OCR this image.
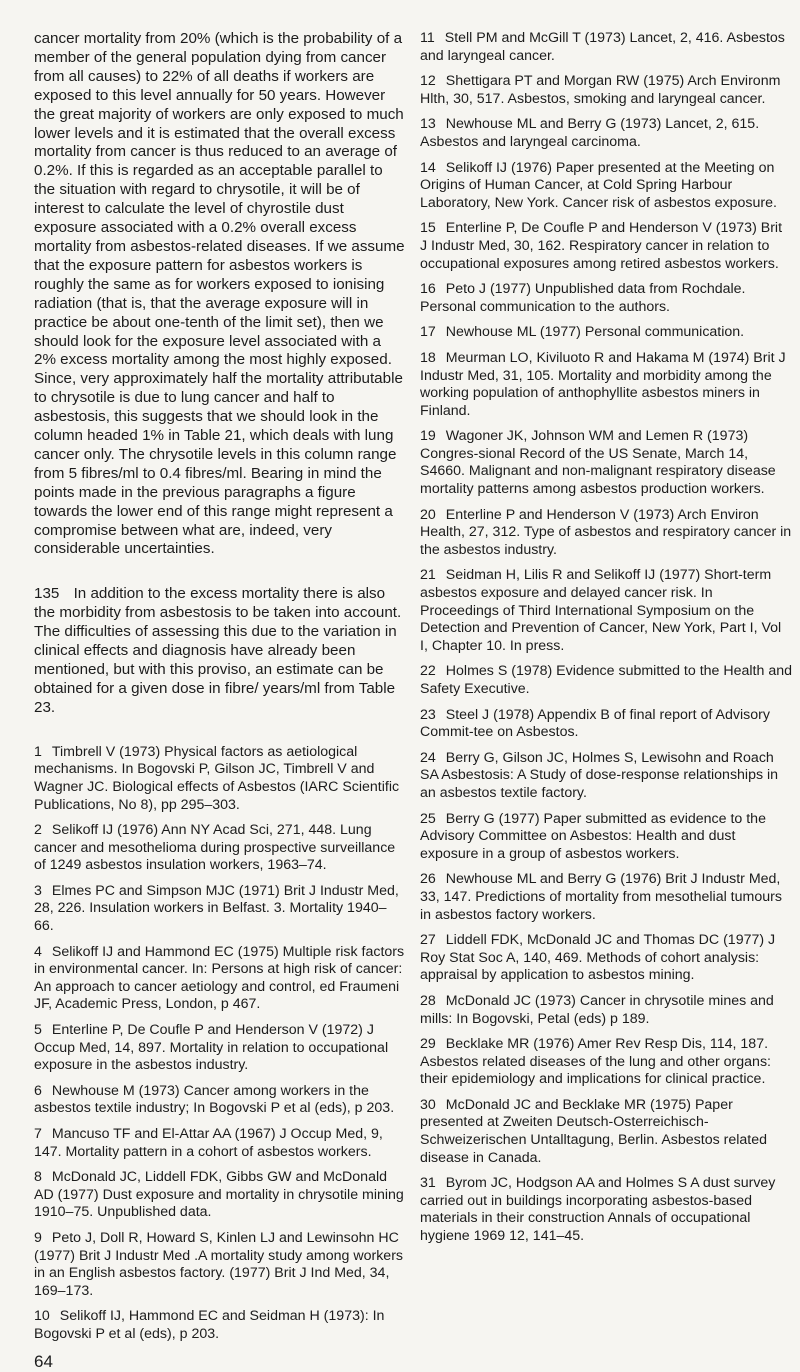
cancer mortality from 20% (which is the probability of a member of the general population dying from cancer from all causes) to 22% of all deaths if workers are exposed to this level annually for 50 years. However the great majority of workers are only exposed to much lower levels and it is estimated that the overall excess mortality from cancer is thus reduced to an average of 0.2%. If this is regarded as an acceptable parallel to the situation with regard to chrysotile, it will be of interest to calculate the level of chyrostile dust exposure associated with a 0.2% overall excess mortality from asbestos-related diseases. If we assume that the exposure pattern for asbestos workers is roughly the same as for workers exposed to ionising radiation (that is, that the average exposure will in practice be about one-tenth of the limit set), then we should look for the exposure level associated with a 2% excess mortality among the most highly exposed. Since, very approximately half the mortality attributable to chrysotile is due to lung cancer and half to asbestosis, this suggests that we should look in the column headed 1% in Table 21, which deals with lung cancer only. The chrysotile levels in this column range from 5 fibres/ml to 0.4 fibres/ml. Bearing in mind the points made in the previous paragraphs a figure towards the lower end of this range might represent a compromise between what are, indeed, very considerable uncertainties.

135 In addition to the excess mortality there is also the morbidity from asbestosis to be taken into account. The difficulties of assessing this due to the variation in clinical effects and diagnosis have already been mentioned, but with this proviso, an estimate can be obtained for a given dose in fibre/ years/ml from Table 23.

1 Timbrell V (1973) Physical factors as aetiological mechanisms. In Bogovski P, Gilson JC, Timbrell V and Wagner JC. Biological effects of Asbestos (IARC Scientific Publications, No 8), pp 295–303.

2 Selikoff IJ (1976) Ann NY Acad Sci, 271, 448. Lung cancer and mesothelioma during prospective surveillance of 1249 asbestos insulation workers, 1963–74.

3 Elmes PC and Simpson MJC (1971) Brit J Industr Med, 28, 226. Insulation workers in Belfast. 3. Mortality 1940–66.

4 Selikoff IJ and Hammond EC (1975) Multiple risk factors in environmental cancer. In: Persons at high risk of cancer: An approach to cancer aetiology and control, ed Fraumeni JF, Academic Press, London, p 467.

5 Enterline P, De Coufle P and Henderson V (1972) J Occup Med, 14, 897. Mortality in relation to occupational exposure in the asbestos industry.

6 Newhouse M (1973) Cancer among workers in the asbestos textile industry; In Bogovski P et al (eds), p 203.

7 Mancuso TF and El-Attar AA (1967) J Occup Med, 9, 147. Mortality pattern in a cohort of asbestos workers.

8 McDonald JC, Liddell FDK, Gibbs GW and McDonald AD (1977) Dust exposure and mortality in chrysotile mining 1910–75. Unpublished data.

9 Peto J, Doll R, Howard S, Kinlen LJ and Lewinsohn HC (1977) Brit J Industr Med .A mortality study among workers in an English asbestos factory. (1977) Brit J Ind Med, 34, 169–173.

10 Selikoff IJ, Hammond EC and Seidman H (1973): In Bogovski P et al (eds), p 203.

64

11 Stell PM and McGill T (1973) Lancet, 2, 416. Asbestos and laryngeal cancer.

12 Shettigara PT and Morgan RW (1975) Arch Environm Hlth, 30, 517. Asbestos, smoking and laryngeal cancer.

13 Newhouse ML and Berry G (1973) Lancet, 2, 615. Asbestos and laryngeal carcinoma.

14 Selikoff IJ (1976) Paper presented at the Meeting on Origins of Human Cancer, at Cold Spring Harbour Laboratory, New York. Cancer risk of asbestos exposure.

15 Enterline P, De Coufle P and Henderson V (1973) Brit J Industr Med, 30, 162. Respiratory cancer in relation to occupational exposures among retired asbestos workers.

16 Peto J (1977) Unpublished data from Rochdale. Personal communication to the authors.

17 Newhouse ML (1977) Personal communication.

18 Meurman LO, Kiviluoto R and Hakama M (1974) Brit J Industr Med, 31, 105. Mortality and morbidity among the working population of anthophyllite asbestos miners in Finland.

19 Wagoner JK, Johnson WM and Lemen R (1973) Congres-sional Record of the US Senate, March 14, S4660. Malignant and non-malignant respiratory disease mortality patterns among asbestos production workers.

20 Enterline P and Henderson V (1973) Arch Environ Health, 27, 312. Type of asbestos and respiratory cancer in the asbestos industry.

21 Seidman H, Lilis R and Selikoff IJ (1977) Short-term asbestos exposure and delayed cancer risk. In Proceedings of Third International Symposium on the Detection and Prevention of Cancer, New York, Part I, Vol I, Chapter 10. In press.

22 Holmes S (1978) Evidence submitted to the Health and Safety Executive.

23 Steel J (1978) Appendix B of final report of Advisory Commit-tee on Asbestos.

24 Berry G, Gilson JC, Holmes S, Lewisohn and Roach SA Asbestosis: A Study of dose-response relationships in an asbestos textile factory.

25 Berry G (1977) Paper submitted as evidence to the Advisory Committee on Asbestos: Health and dust exposure in a group of asbestos workers.

26 Newhouse ML and Berry G (1976) Brit J Industr Med, 33, 147. Predictions of mortality from mesothelial tumours in asbestos factory workers.

27 Liddell FDK, McDonald JC and Thomas DC (1977) J Roy Stat Soc A, 140, 469. Methods of cohort analysis: appraisal by application to asbestos mining.

28 McDonald JC (1973) Cancer in chrysotile mines and mills: In Bogovski, Petal (eds) p 189.

29 Becklake MR (1976) Amer Rev Resp Dis, 114, 187. Asbestos related diseases of the lung and other organs: their epidemiology and implications for clinical practice.

30 McDonald JC and Becklake MR (1975) Paper presented at Zweiten Deutsch-Osterreichisch-Schweizerischen Untalltagung, Berlin. Asbestos related disease in Canada.

31 Byrom JC, Hodgson AA and Holmes S A dust survey carried out in buildings incorporating asbestos-based materials in their construction Annals of occupational hygiene 1969 12, 141–45.
